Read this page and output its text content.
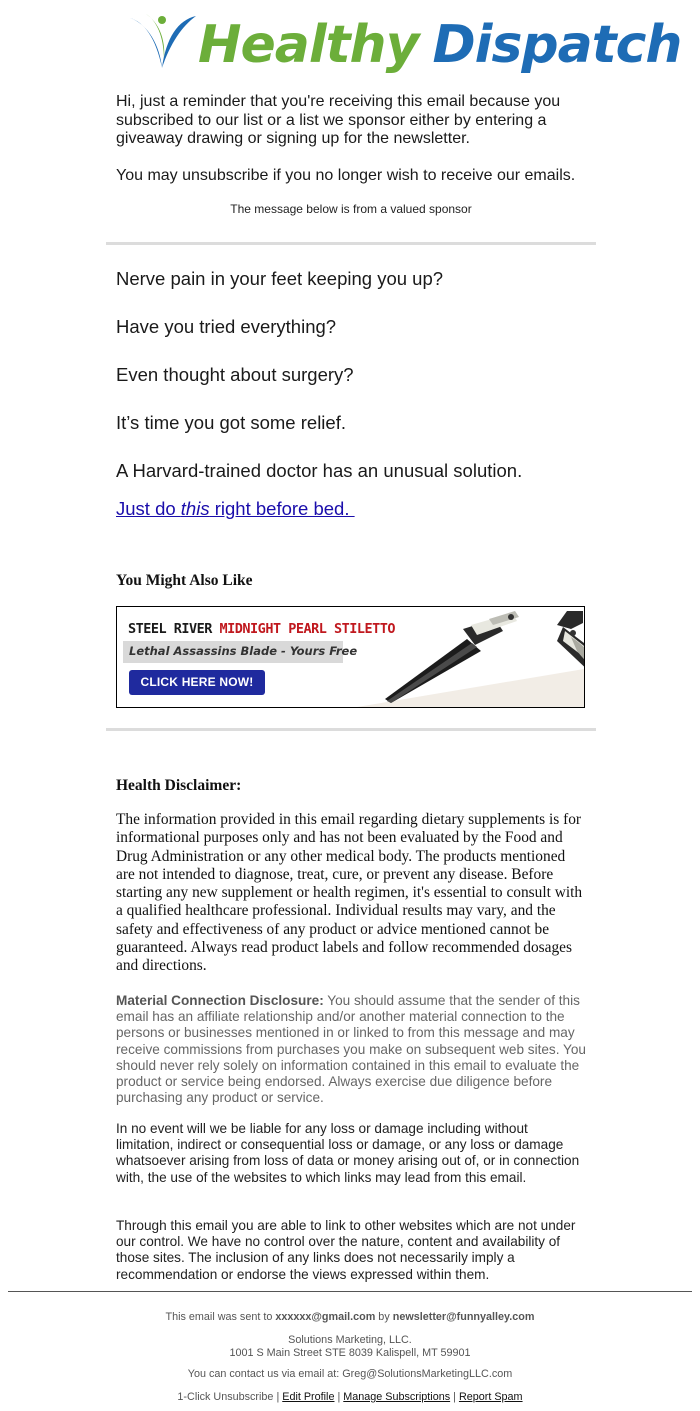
Healthy Dispatch

Hi, just a reminder that you're receiving this email because you subscribed to our list or a list we sponsor either by entering a giveaway drawing or signing up for the newsletter.

You may unsubscribe if you no longer wish to receive our emails.

The message below is from a valued sponsor

Nerve pain in your feet keeping you up?

Have you tried everything?

Even thought about surgery?

It’s time you got some relief.

A Harvard-trained doctor has an unusual solution.

Just do this right before bed.

You Might Also Like

STEEL RIVER MIDNIGHT PEARL STILETTO
Lethal Assassins Blade - Yours Free
CLICK HERE NOW!

Health Disclaimer:

The information provided in this email regarding dietary supplements is for informational purposes only and has not been evaluated by the Food and Drug Administration or any other medical body. The products mentioned are not intended to diagnose, treat, cure, or prevent any disease. Before starting any new supplement or health regimen, it's essential to consult with a qualified healthcare professional. Individual results may vary, and the safety and effectiveness of any product or advice mentioned cannot be guaranteed. Always read product labels and follow recommended dosages and directions.

Material Connection Disclosure: You should assume that the sender of this email has an affiliate relationship and/or another material connection to the persons or businesses mentioned in or linked to from this message and may receive commissions from purchases you make on subsequent web sites. You should never rely solely on information contained in this email to evaluate the product or service being endorsed. Always exercise due diligence before purchasing any product or service.

In no event will we be liable for any loss or damage including without limitation, indirect or consequential loss or damage, or any loss or damage whatsoever arising from loss of data or money arising out of, or in connection with, the use of the websites to which links may lead from this email.

Through this email you are able to link to other websites which are not under our control. We have no control over the nature, content and availability of those sites. The inclusion of any links does not necessarily imply a recommendation or endorse the views expressed within them.

This email was sent to xxxxxx@gmail.com by newsletter@funnyalley.com

Solutions Marketing, LLC.
1001 S Main Street STE 8039 Kalispell, MT 59901

You can contact us via email at: Greg@SolutionsMarketingLLC.com

1-Click Unsubscribe | Edit Profile | Manage Subscriptions | Report Spam
